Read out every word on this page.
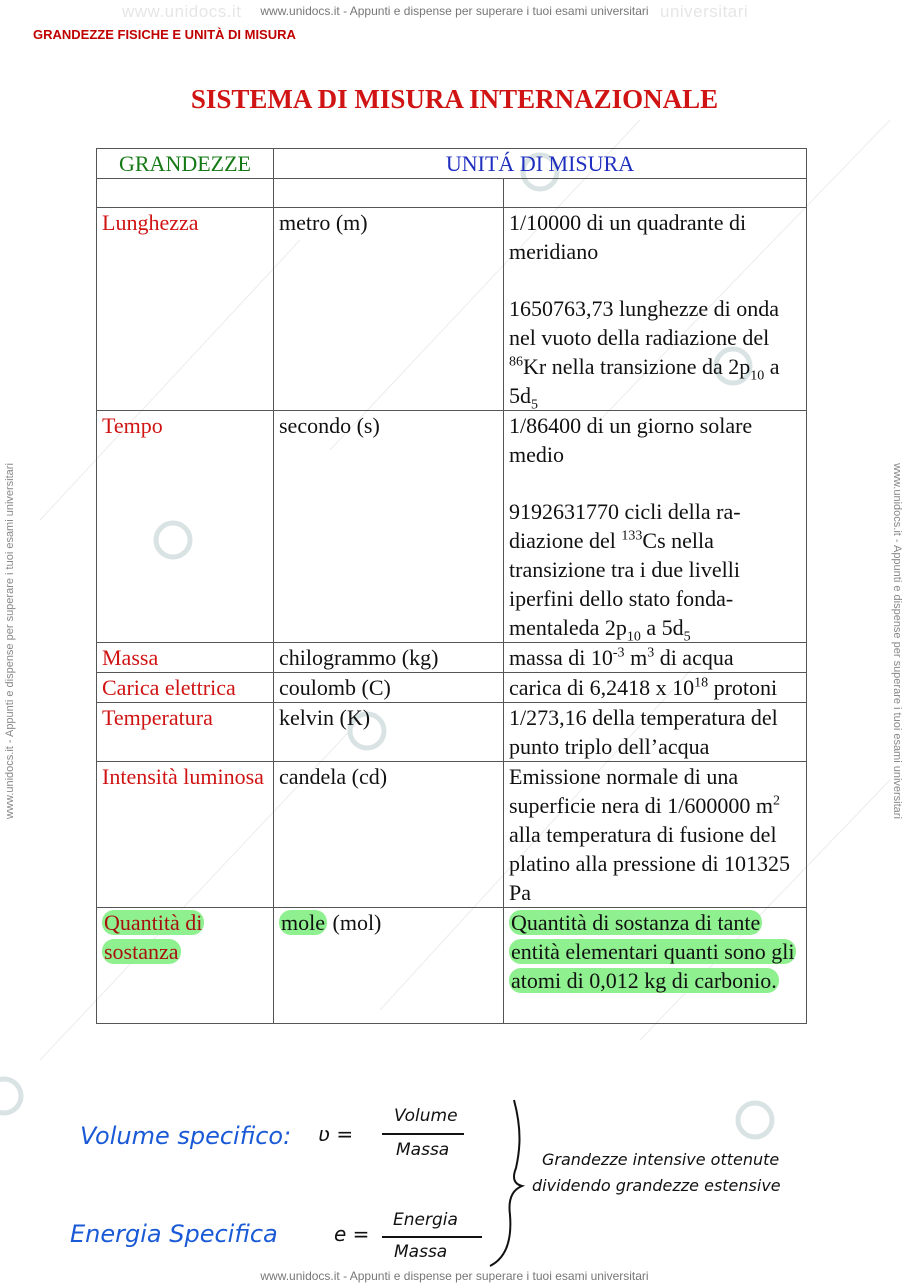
www.unidocs.it	universitari
www.unidocs.it - Appunti e dispense per superare i tuoi esami universitari
www.unidocs.it - Appunti e dispense per superare i tuoi esami universitari
www.unidocs.it - Appunti e dispense per superare i tuoi esami universitari	www.unidocs.it - Appunti e dispense per superare i tuoi esami universitari
GRANDEZZE FISICHE E UNITÀ DI MISURA
SISTEMA DI MISURA INTERNAZIONALE
GRANDEZZE	UNITÁ DI MISURA	

Lunghezza	metro (m)	1/10000 di un quadrante di meridiano
1650763,73 lunghezze di onda nel vuoto della radiazione del $^{86}$Kr nella transizione da $2p_{10}$ a $5d_5$

Tempo	secondo (s)	1/86400 di un giorno solare medio
9192631770 cicli della ra-diazione del $^{133}$Cs nella transizione tra i due livelli iperfini dello stato fonda-mentaleda $2p_{10}$ a $5d_5$

Massa	chilogrammo (kg)	massa di $10^{-3}$ $m^3$ di acqua
Carica elettrica	coulomb (C)	carica di 6,2418 x $10^{18}$ protoni
Temperatura	kelvin (K)	1/273,16 della temperatura del punto triplo dell’acqua
Intensità luminosa	candela (cd)	Emissione normale di una superficie nera di 1/600000 $m^2$ alla temperatura di fusione del platino alla pressione di 101325 Pa
Quantità di sostanza	mole (mol)	Quantità di sostanza di tante entità elementari quanti sono gli atomi di 0,012 kg di carbonio.
Volume specifico: ʋ =
Volume
Massa
Energia Specifica	e =
Energia
Massa
Grandezze intensive ottenute
dividendo grandezze estensive
